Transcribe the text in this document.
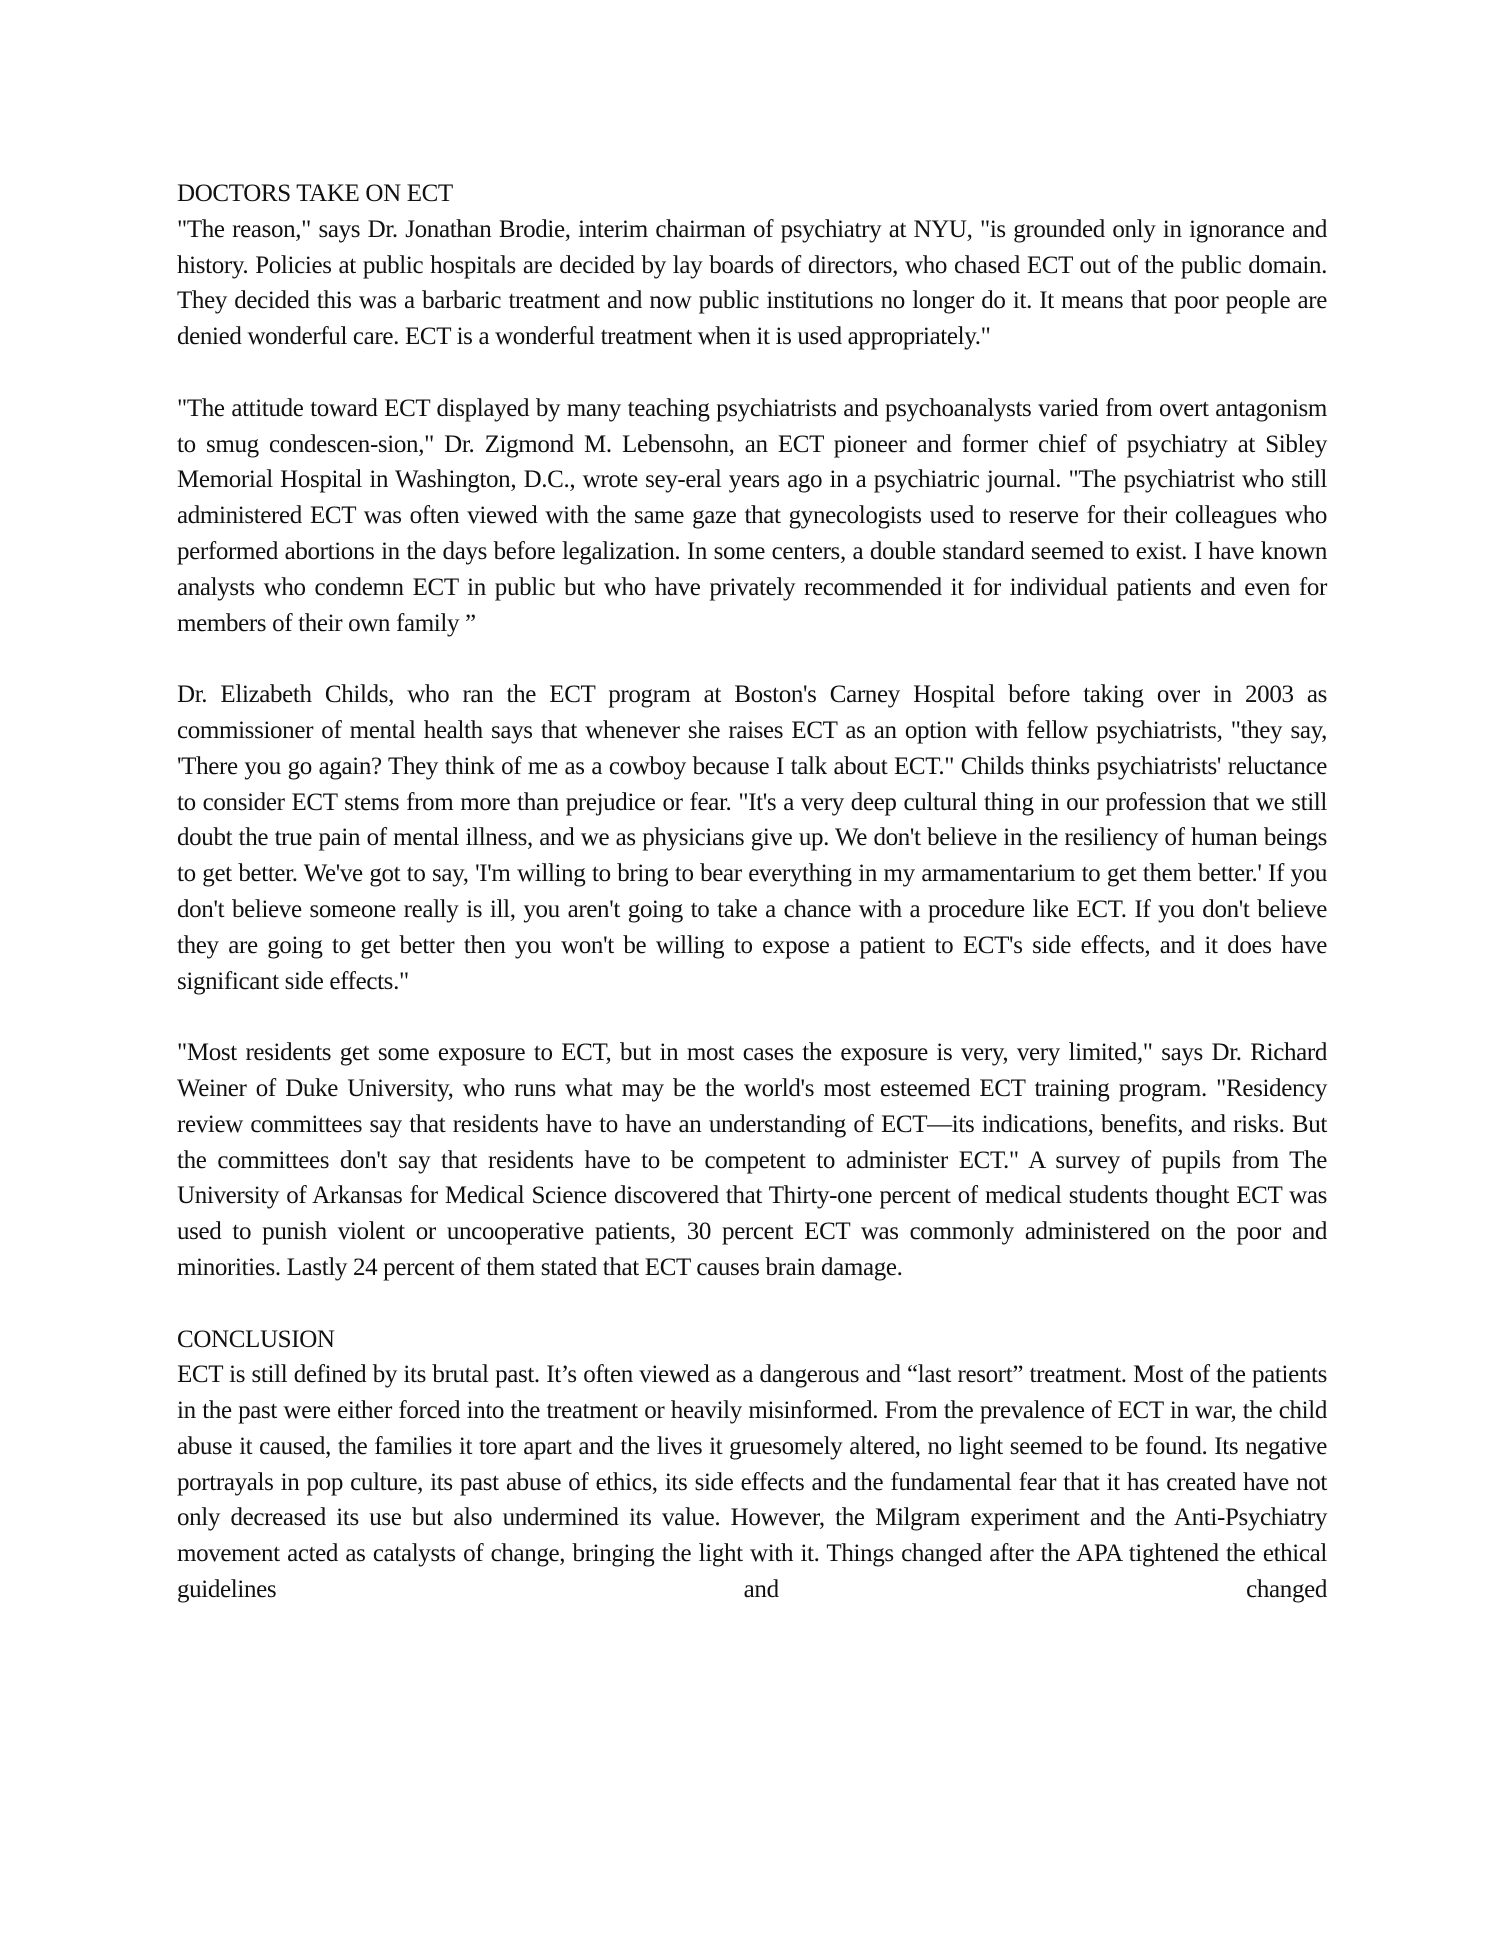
DOCTORS TAKE ON ECT

"The reason," says Dr. Jonathan Brodie, interim chairman of psychiatry at NYU, "is grounded only in ignorance and history. Policies at public hospitals are decided by lay boards of directors, who chased ECT out of the public domain. They decided this was a barbaric treatment and now public institutions no longer do it. It means that poor people are denied wonderful care. ECT is a wonderful treatment when it is used appropriately."

"The attitude toward ECT displayed by many teaching psychiatrists and psychoanalysts varied from overt antagonism to smug condescen-sion," Dr. Zigmond M. Lebensohn, an ECT pioneer and former chief of psychiatry at Sibley Memorial Hospital in Washington, D.C., wrote sey-eral years ago in a psychiatric journal. "The psychiatrist who still administered ECT was often viewed with the same gaze that gynecologists used to reserve for their colleagues who performed abortions in the days before legalization. In some centers, a double standard seemed to exist. I have known analysts who condemn ECT in public but who have privately recommended it for individual patients and even for members of their own family ”

Dr. Elizabeth Childs, who ran the ECT program at Boston's Carney Hospital before taking over in 2003 as commissioner of mental health says that whenever she raises ECT as an option with fellow psychiatrists, "they say, 'There you go again? They think of me as a cowboy because I talk about ECT." Childs thinks psychiatrists' reluctance to consider ECT stems from more than prejudice or fear. "It's a very deep cultural thing in our profession that we still doubt the true pain of mental illness, and we as physicians give up. We don't believe in the resiliency of human beings to get better. We've got to say, 'I'm willing to bring to bear everything in my armamentarium to get them better.' If you don't believe someone really is ill, you aren't going to take a chance with a procedure like ECT. If you don't believe they are going to get better then you won't be willing to expose a patient to ECT's side effects, and it does have significant side effects."

"Most residents get some exposure to ECT, but in most cases the exposure is very, very limited," says Dr. Richard Weiner of Duke University, who runs what may be the world's most esteemed ECT training program. "Residency review committees say that residents have to have an understanding of ECT—its indications, benefits, and risks. But the committees don't say that residents have to be competent to administer ECT." A survey of pupils from The University of Arkansas for Medical Science discovered that Thirty-one percent of medical students thought ECT was used to punish violent or uncooperative patients, 30 percent ECT was commonly administered on the poor and minorities. Lastly 24 percent of them stated that ECT causes brain damage.

CONCLUSION

ECT is still defined by its brutal past. It’s often viewed as a dangerous and “last resort” treatment. Most of the patients in the past were either forced into the treatment or heavily misinformed. From the prevalence of ECT in war, the child abuse it caused, the families it tore apart and the lives it gruesomely altered, no light seemed to be found. Its negative portrayals in pop culture, its past abuse of ethics, its side effects and the fundamental fear that it has created have not only decreased its use but also undermined its value. However, the Milgram experiment and the Anti-Psychiatry movement acted as catalysts of change, bringing the light with it. Things changed after the APA tightened the ethical guidelines and changed
